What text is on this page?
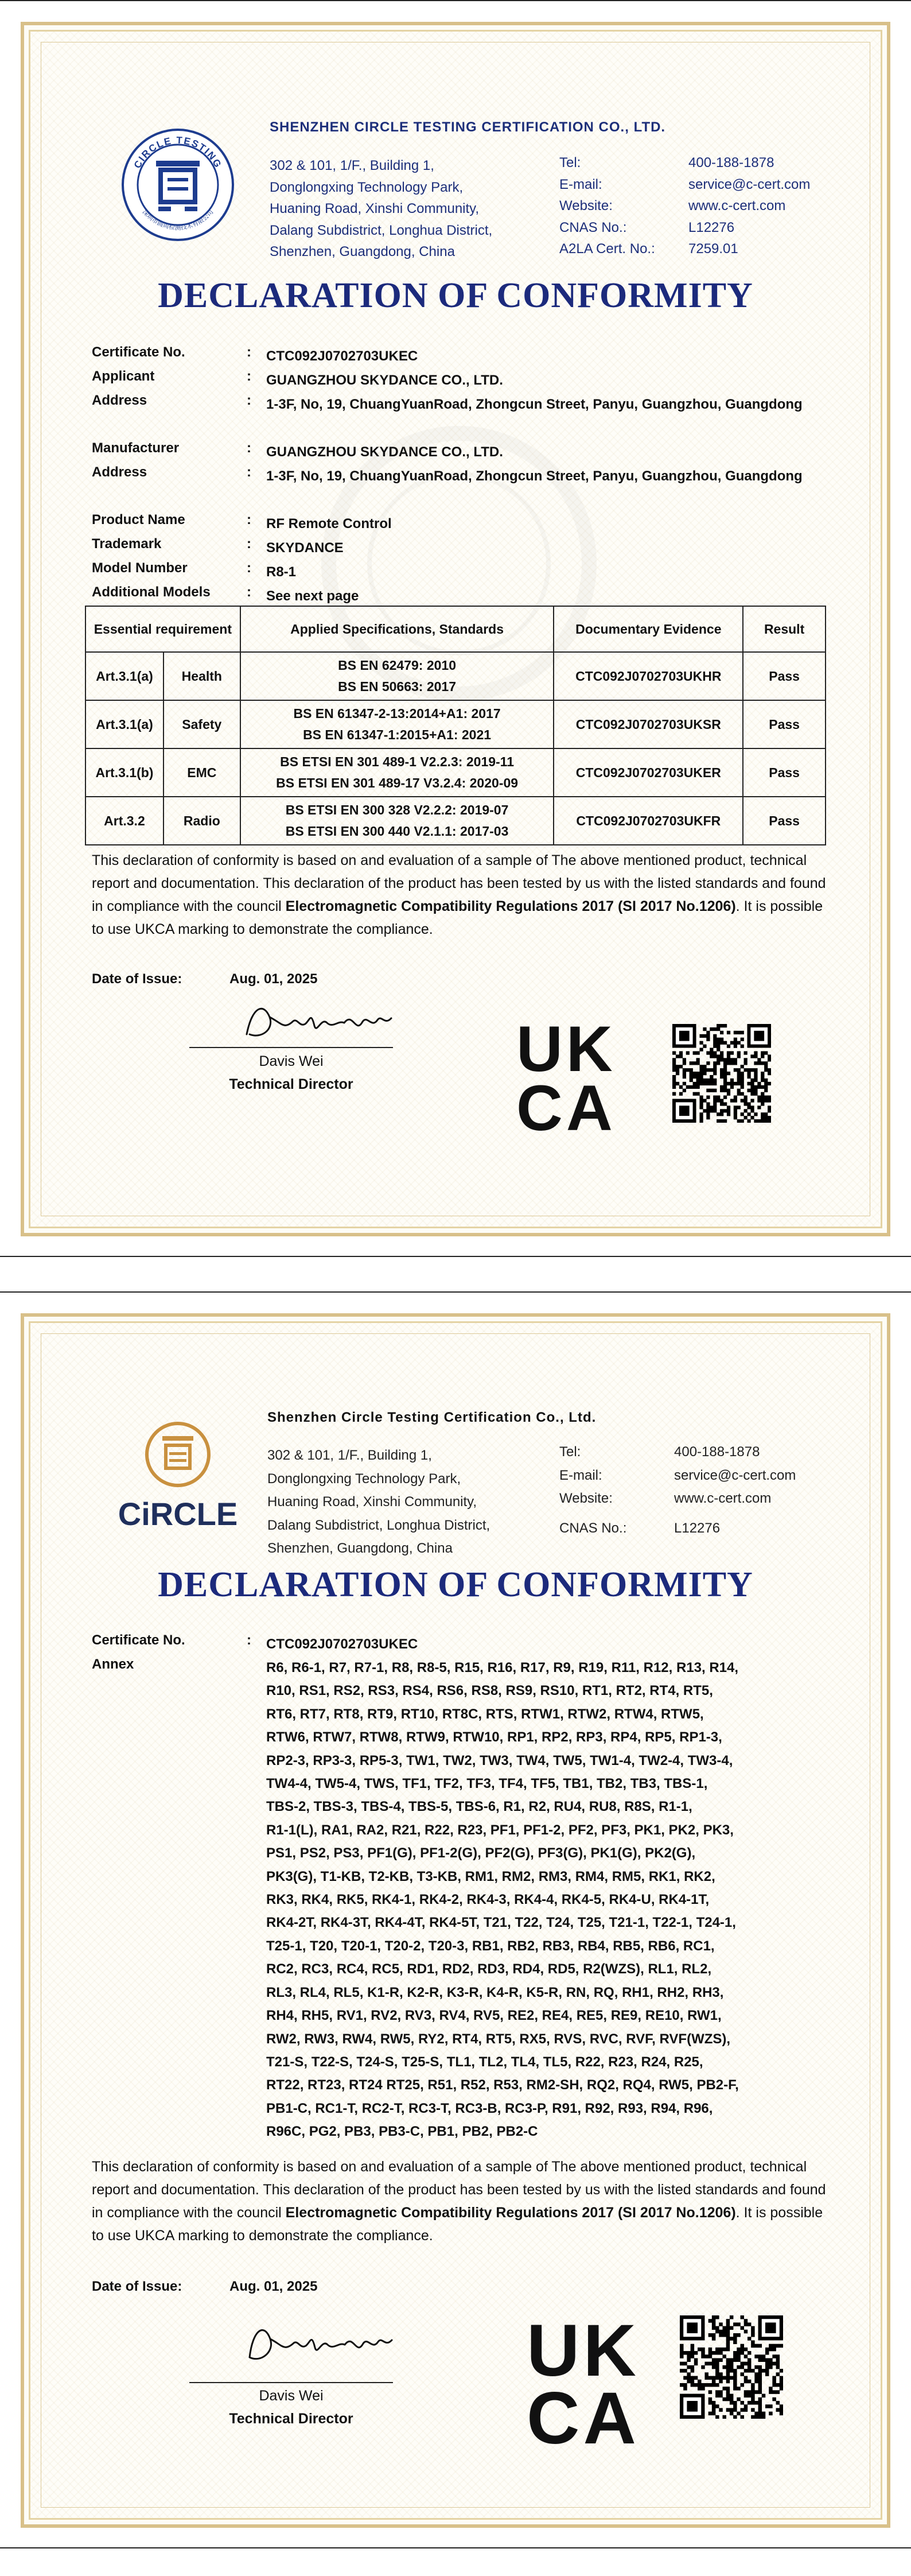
CIRCLE TESTING
深圳市圆周检测技术有限公司
SHENZHEN CIRCLE TESTING CERTIFICATION CO., LTD.
302 & 101, 1/F., Building 1,
Donglongxing Technology Park,
Huaning Road, Xinshi Community,
Dalang Subdistrict, Longhua District,
Shenzhen, Guangdong, China
Tel:	400-188-1878
E-mail:	service@c-cert.com
Website:	www.c-cert.com
CNAS No.:	L12276
A2LA Cert. No.: 7259.01
DECLARATION OF CONFORMITY
Certificate No.	: CTC092J0702703UKEC
Applicant	: GUANGZHOU SKYDANCE CO., LTD.
Address	: 1-3F, No, 19, ChuangYuanRoad, Zhongcun Street, Panyu, Guangzhou, Guangdong
Manufacturer	: GUANGZHOU SKYDANCE CO., LTD.
Address	: 1-3F, No, 19, ChuangYuanRoad, Zhongcun Street, Panyu, Guangzhou, Guangdong
Product Name	: RF Remote Control
Trademark	: SKYDANCE
Model Number	: R8-1
Additional Models	: See next page
Essential requirement		Applied Specifications, Standards	Documentary Evidence	Result
Art.3.1(a)	Health	BS EN 62479: 2010
BS EN 50663: 2017	CTC092J0702703UKHR	Pass
Art.3.1(a)	Safety	BS EN 61347-2-13:2014+A1: 2017
BS EN 61347-1:2015+A1: 2021	CTC092J0702703UKSR	Pass
Art.3.1(b)	EMC	BS ETSI EN 301 489-1 V2.2.3: 2019-11
BS ETSI EN 301 489-17 V3.2.4: 2020-09	CTC092J0702703UKER	Pass
Art.3.2	Radio	BS ETSI EN 300 328 V2.2.2: 2019-07
BS ETSI EN 300 440 V2.1.1: 2017-03	CTC092J0702703UKFR	Pass
This declaration of conformity is based on and evaluation of a sample of The above mentioned product, technical report and documentation. This declaration of the product has been tested by us with the listed standards and found in compliance with the council Electromagnetic Compatibility Regulations 2017 (SI 2017 No.1206). It is possible to use UKCA marking to demonstrate the compliance.
Date of Issue:	Aug. 01, 2025
Davis Wei
Davis Wei
Technical Director	UK
CA
CiRCLE
Shenzhen Circle Testing Certification Co., Ltd.
302 & 101, 1/F., Building 1,
Donglongxing Technology Park,
Huaning Road, Xinshi Community,
Dalang Subdistrict, Longhua District,
Shenzhen, Guangdong, China
Tel:	400-188-1878
E-mail:	service@c-cert.com
Website:	www.c-cert.com
CNAS No.:	L12276
DECLARATION OF CONFORMITY
Certificate No.	: CTC092J0702703UKEC
Annex	R6, R6-1, R7, R7-1, R8, R8-5, R15, R16, R17, R9, R19, R11, R12, R13, R14,
R10, RS1, RS2, RS3, RS4, RS6, RS8, RS9, RS10, RT1, RT2, RT4, RT5,
RT6, RT7, RT8, RT9, RT10, RT8C, RTS, RTW1, RTW2, RTW4, RTW5,
RTW6, RTW7, RTW8, RTW9, RTW10, RP1, RP2, RP3, RP4, RP5, RP1-3,
RP2-3, RP3-3, RP5-3, TW1, TW2, TW3, TW4, TW5, TW1-4, TW2-4, TW3-4,
TW4-4, TW5-4, TWS, TF1, TF2, TF3, TF4, TF5, TB1, TB2, TB3, TBS-1,
TBS-2, TBS-3, TBS-4, TBS-5, TBS-6, R1, R2, RU4, RU8, R8S, R1-1,
R1-1(L), RA1, RA2, R21, R22, R23, PF1, PF1-2, PF2, PF3, PK1, PK2, PK3,
PS1, PS2, PS3, PF1(G), PF1-2(G), PF2(G), PF3(G), PK1(G), PK2(G),
PK3(G), T1-KB, T2-KB, T3-KB, RM1, RM2, RM3, RM4, RM5, RK1, RK2,
RK3, RK4, RK5, RK4-1, RK4-2, RK4-3, RK4-4, RK4-5, RK4-U, RK4-1T,
RK4-2T, RK4-3T, RK4-4T, RK4-5T, T21, T22, T24, T25, T21-1, T22-1, T24-1,
T25-1, T20, T20-1, T20-2, T20-3, RB1, RB2, RB3, RB4, RB5, RB6, RC1,
RC2, RC3, RC4, RC5, RD1, RD2, RD3, RD4, RD5, R2(WZS), RL1, RL2,
RL3, RL4, RL5, K1-R, K2-R, K3-R, K4-R, K5-R, RN, RQ, RH1, RH2, RH3,
RH4, RH5, RV1, RV2, RV3, RV4, RV5, RE2, RE4, RE5, RE9, RE10, RW1,
RW2, RW3, RW4, RW5, RY2, RT4, RT5, RX5, RVS, RVC, RVF, RVF(WZS),
T21-S, T22-S, T24-S, T25-S, TL1, TL2, TL4, TL5, R22, R23, R24, R25,
RT22, RT23, RT24 RT25, R51, R52, R53, RM2-SH, RQ2, RQ4, RW5, PB2-F,
PB1-C, RC1-T, RC2-T, RC3-T, RC3-B, RC3-P, R91, R92, R93, R94, R96,
R96C, PG2, PB3, PB3-C, PB1, PB2, PB2-C
This declaration of conformity is based on and evaluation of a sample of The above mentioned product, technical report and documentation. This declaration of the product has been tested by us with the listed standards and found in compliance with the council Electromagnetic Compatibility Regulations 2017 (SI 2017 No.1206). It is possible to use UKCA marking to demonstrate the compliance.
Date of Issue:	Aug. 01, 2025
Davis Wei
Davis Wei
Technical Director
UK
CA
